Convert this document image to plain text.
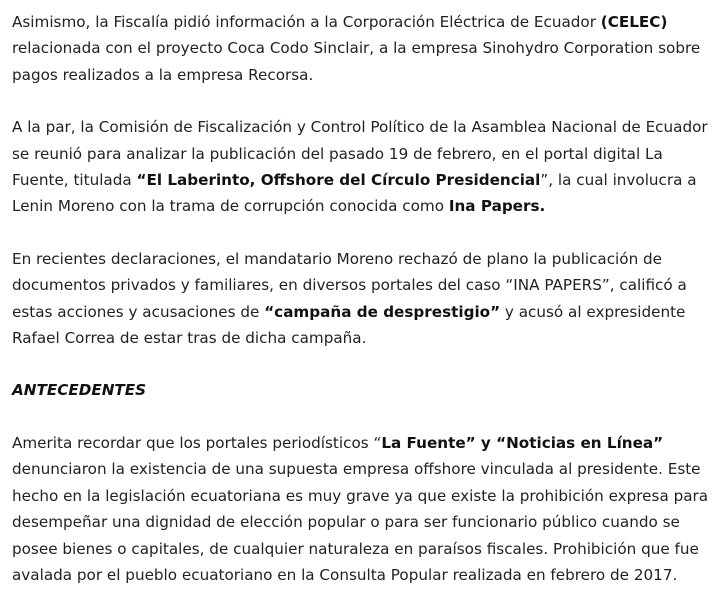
Asimismo, la Fiscalía pidió información a la Corporación Eléctrica de Ecuador (CELEC) relacionada con el proyecto Coca Codo Sinclair, a la empresa Sinohydro Corporation sobre pagos realizados a la empresa Recorsa.

A la par, la Comisión de Fiscalización y Control Político de la Asamblea Nacional de Ecuador se reunió para analizar la publicación del pasado 19 de febrero, en el portal digital La Fuente, titulada “El Laberinto, Offshore del Círculo Presidencial”, la cual involucra a Lenin Moreno con la trama de corrupción conocida como Ina Papers.

En recientes declaraciones, el mandatario Moreno rechazó de plano la publicación de documentos privados y familiares, en diversos portales del caso “INA PAPERS”, calificó a estas acciones y acusaciones de “campaña de desprestigio” y acusó al expresidente Rafael Correa de estar tras de dicha campaña.

ANTECEDENTES

Amerita recordar que los portales periodísticos “La Fuente” y “Noticias en Línea” denunciaron la existencia de una supuesta empresa offshore vinculada al presidente. Este hecho en la legislación ecuatoriana es muy grave ya que existe la prohibición expresa para desempeñar una dignidad de elección popular o para ser funcionario público cuando se posee bienes o capitales, de cualquier naturaleza en paraísos fiscales. Prohibición que fue avalada por el pueblo ecuatoriano en la Consulta Popular realizada en febrero de 2017.
